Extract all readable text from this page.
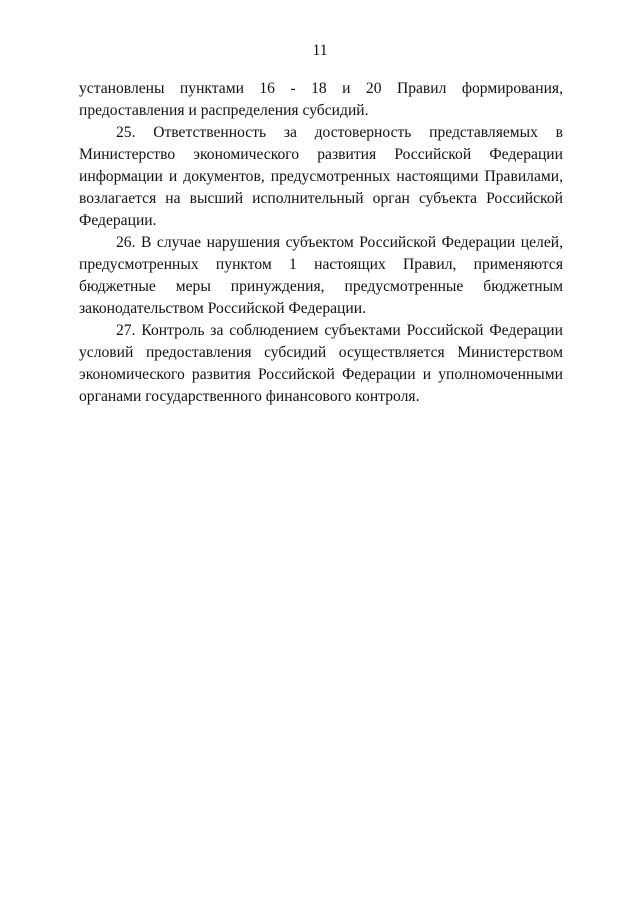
11

установлены пунктами 16 - 18 и 20 Правил формирования, предоставления и распределения субсидий.

25. Ответственность за достоверность представляемых в Министерство экономического развития Российской Федерации информации и документов, предусмотренных настоящими Правилами, возлагается на высший исполнительный орган субъекта Российской Федерации.

26. В случае нарушения субъектом Российской Федерации целей, предусмотренных пунктом 1 настоящих Правил, применяются бюджетные меры принуждения, предусмотренные бюджетным законодательством Российской Федерации.

27. Контроль за соблюдением субъектами Российской Федерации условий предоставления субсидий осуществляется Министерством экономического развития Российской Федерации и уполномоченными органами государственного финансового контроля.
